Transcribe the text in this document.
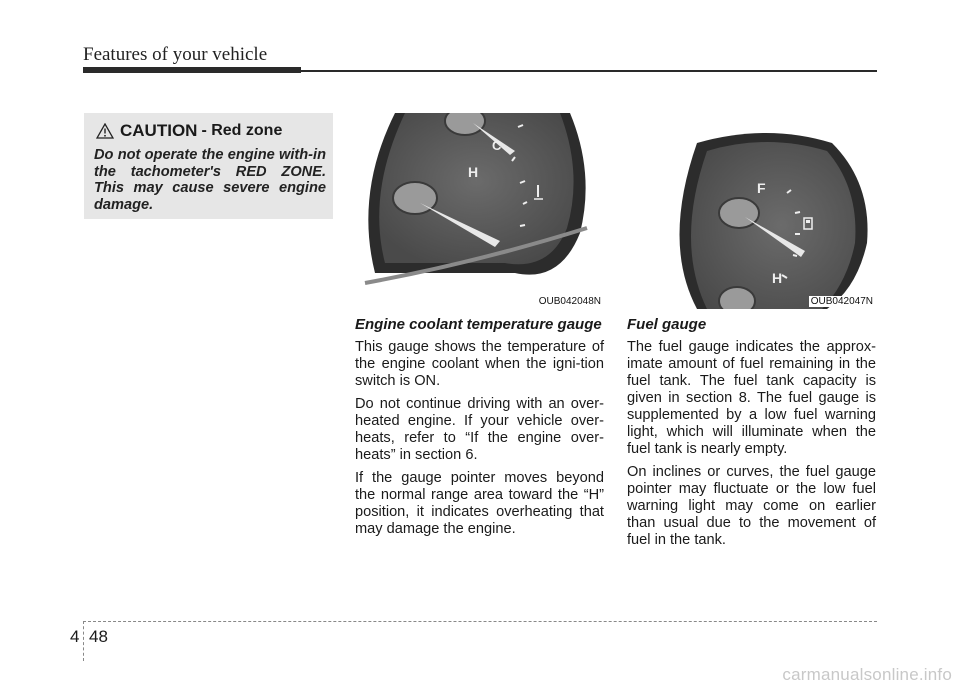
Features of your vehicle
CAUTION - Red zone
Do not operate the engine with-in the tachometer's RED ZONE. This may cause severe engine damage.
H
C
OUB042048N
F
H
OUB042047N
Engine coolant temperature gauge

This gauge shows the temperature of the engine coolant when the igni-tion switch is ON.

Do not continue driving with an over-heated engine. If your vehicle over-heats, refer to “If the engine over-heats” in section 6.

If the gauge pointer moves beyond the normal range area toward the “H” position, it indicates overheating that may damage the engine.

Fuel gauge

The fuel gauge indicates the approx-imate amount of fuel remaining in the fuel tank. The fuel tank capacity is given in section 8. The fuel gauge is supplemented by a low fuel warning light, which will illuminate when the fuel tank is nearly empty.

On inclines or curves, the fuel gauge pointer may fluctuate or the low fuel warning light may come on earlier than usual due to the movement of fuel in the tank.

4 48
carmanualsonline.info
